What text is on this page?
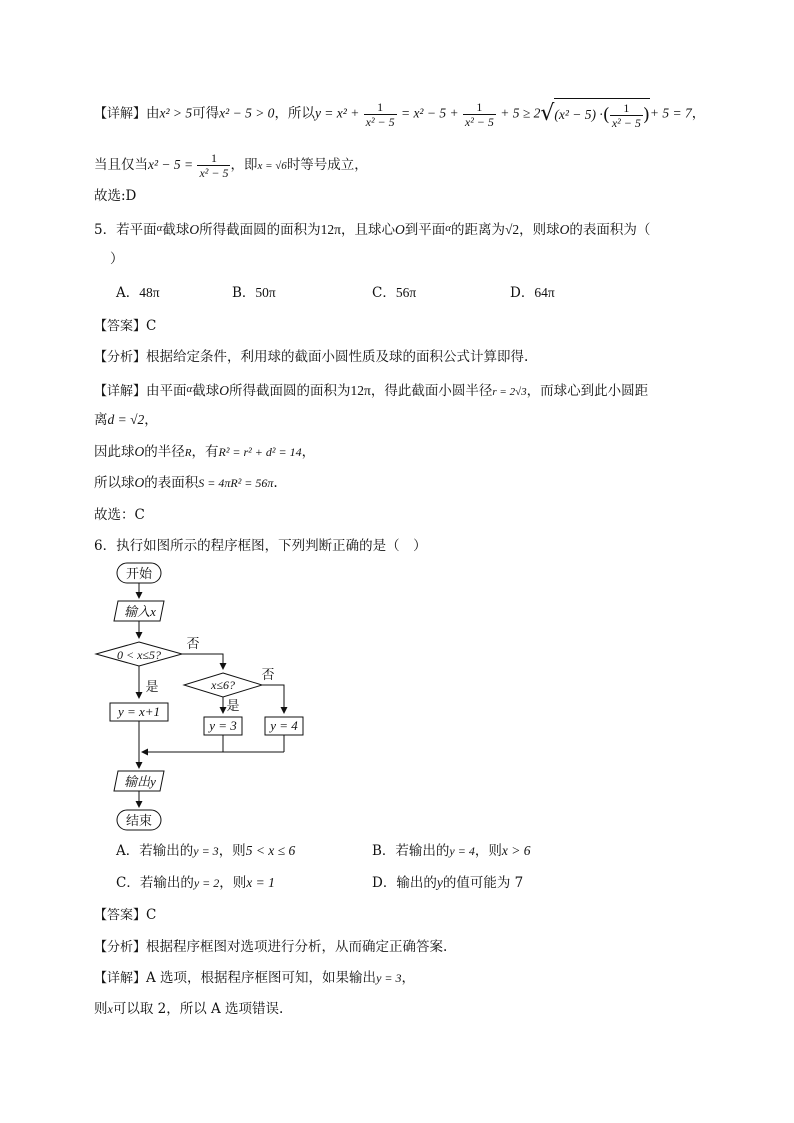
【详解】由x² > 5可得x² − 5 > 0，所以$y = x^2 + \frac{1}{\text{x² − 5}} = x^2 - 5 + \frac{1}{\text{x² − 5}} + 5 \ge 2√(x^2 - 5)$ ·( $\frac{1}{\text{x² − 5}}$ )+ 5 = 7，
当且仅当$x^2 - 5 = \frac{1}{\text{x² − 5}}$ ，即x = √6时等号成立，
故选:D
5．若平面$^\alpha$截球O所得截面圆的面积为12π，且球心O到平面$^\alpha$的距离为√2，则球O的表面积为（
）
A．48π	B．50π	C．56π	D．64π
【答案】C
【分析】根据给定条件，利用球的截面小圆性质及球的面积公式计算即得.
【详解】由平面$^\alpha$截球O所得截面圆的面积为12π，得此截面小圆半径r = 2√3，而球心到此小圆距
离d = √2，
因此球O的半径R，有R² = r² + d² = 14，
所以球O的表面积S = 4πR² = 56π.
故选：C
6．执行如图所示的程序框图，下列判断正确的是（　）
开始
输入x
0 < x≤5?
否
x≤6?
否
是
是
y = x+1
y = 3	y = 4
输出y
结束
A．若输出的y = 3，则5 < x ≤ 6	B．若输出的y = 4，则x > 6
C．若输出的y = 2，则x = 1	D．输出的y的值可能为 7
【答案】C
【分析】根据程序框图对选项进行分析，从而确定正确答案.
【详解】A 选项，根据程序框图可知，如果输出y = 3，
则x可以取 2，所以 A 选项错误.
